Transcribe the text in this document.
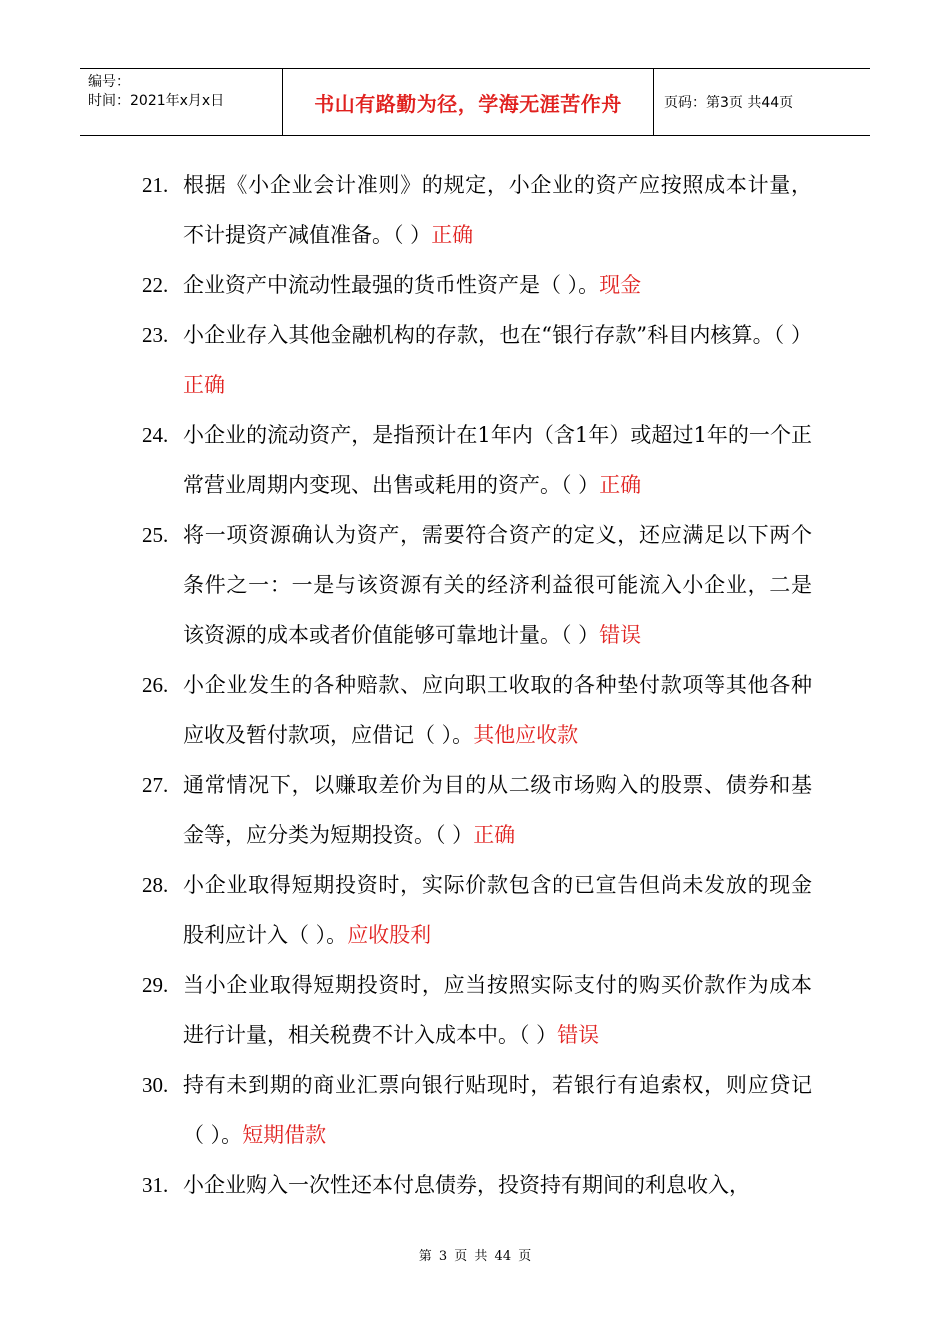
编号：
时间：2021年x月x日	书山有路勤为径，学海无涯苦作舟	页码：第3页 共44页
21. 根据《小企业会计准则》的规定，小企业的资产应按照成本计量，不计提资产减值准备。（ ）正确
22. 企业资产中流动性最强的货币性资产是（ ）。现金
23. 小企业存入其他金融机构的存款，也在“银行存款”科目内核算。（ ）正确
24. 小企业的流动资产，是指预计在1年内（含1年）或超过1年的一个正常营业周期内变现、出售或耗用的资产。（ ）正确
25. 将一项资源确认为资产，需要符合资产的定义，还应满足以下两个条件之一：一是与该资源有关的经济利益很可能流入小企业，二是该资源的成本或者价值能够可靠地计量。（ ）错误
26. 小企业发生的各种赔款、应向职工收取的各种垫付款项等其他各种应收及暂付款项，应借记（ ）。其他应收款
27. 通常情况下，以赚取差价为目的从二级市场购入的股票、债券和基金等，应分类为短期投资。（ ）正确
28. 小企业取得短期投资时，实际价款包含的已宣告但尚未发放的现金股利应计入（ ）。应收股利
29. 当小企业取得短期投资时，应当按照实际支付的购买价款作为成本进行计量，相关税费不计入成本中。（ ）错误
30. 持有未到期的商业汇票向银行贴现时，若银行有追索权，则应贷记（ ）。短期借款
31. 小企业购入一次性还本付息债券，投资持有期间的利息收入，
第 3 页 共 44 页
